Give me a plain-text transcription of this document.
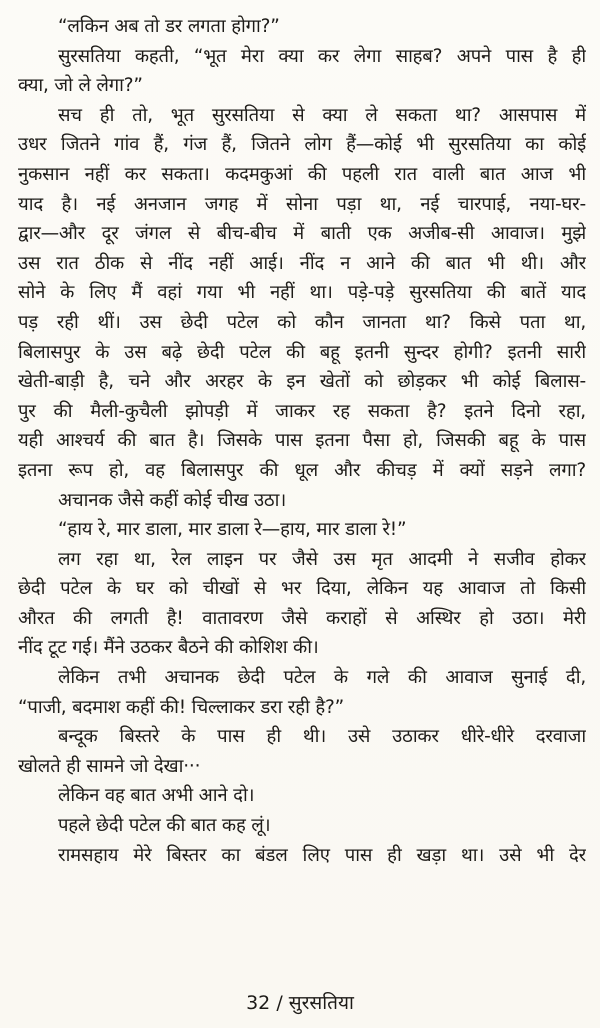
“लकिन अब तो डर लगता होगा?”
सुरसतिया कहती, “भूत मेरा क्या कर लेगा साहब? अपने पास है ही
क्या, जो ले लेगा?”
सच ही तो, भूत सुरसतिया से क्या ले सकता था? आसपास में
उधर जितने गांव हैं, गंज हैं, जितने लोग हैं—कोई भी सुरसतिया का कोई
नुकसान नहीं कर सकता। कदमकुआं की पहली रात वाली बात आज भी
याद है। नई अनजान जगह में सोना पड़ा था, नई चारपाई, नया-घर-
द्वार—और दूर जंगल से बीच-बीच में बाती एक अजीब-सी आवाज। मुझे
उस रात ठीक से नींद नहीं आई। नींद न आने की बात भी थी। और
सोने के लिए मैं वहां गया भी नहीं था। पड़े-पड़े सुरसतिया की बातें याद
पड़ रही थीं। उस छेदी पटेल को कौन जानता था? किसे पता था,
बिलासपुर के उस बढ़े छेदी पटेल की बहू इतनी सुन्दर होगी? इतनी सारी
खेती-बाड़ी है, चने और अरहर के इन खेतों को छोड़कर भी कोई बिलास-
पुर की मैली-कुचैली झोपड़ी में जाकर रह सकता है? इतने दिनो रहा,
यही आश्चर्य की बात है। जिसके पास इतना पैसा हो, जिसकी बहू के पास
इतना रूप हो, वह बिलासपुर की धूल और कीचड़ में क्यों सड़ने लगा?
अचानक जैसे कहीं कोई चीख उठा।
“हाय रे, मार डाला, मार डाला रे—हाय, मार डाला रे!”
लग रहा था, रेल लाइन पर जैसे उस मृत आदमी ने सजीव होकर
छेदी पटेल के घर को चीखों से भर दिया, लेकिन यह आवाज तो किसी
औरत की लगती है! वातावरण जैसे कराहों से अस्थिर हो उठा। मेरी
नींद टूट गई। मैंने उठकर बैठने की कोशिश की।
लेकिन तभी अचानक छेदी पटेल के गले की आवाज सुनाई दी,
“पाजी, बदमाश कहीं की! चिल्लाकर डरा रही है?”
बन्दूक बिस्तरे के पास ही थी। उसे उठाकर धीरे-धीरे दरवाजा
खोलते ही सामने जो देखा···
लेकिन वह बात अभी आने दो।
पहले छेदी पटेल की बात कह लूं।
रामसहाय मेरे बिस्तर का बंडल लिए पास ही खड़ा था। उसे भी देर
32 / सुरसतिया
